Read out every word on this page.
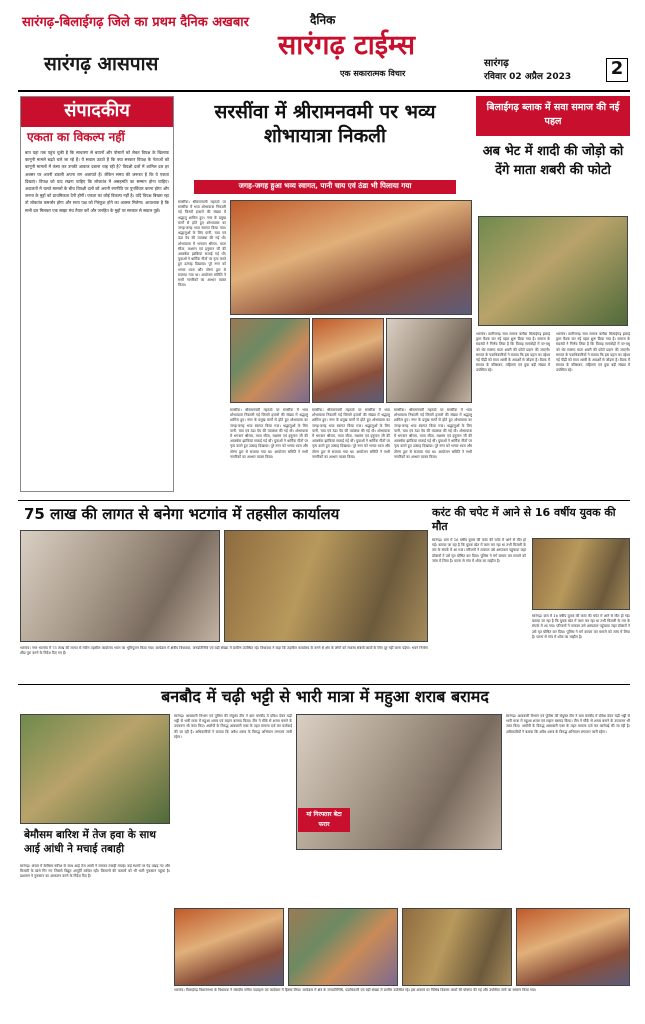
सारंगढ़-बिलाईगढ़ जिले का प्रथम दैनिक अखबार
सारंगढ़ आसपास
दैनिक
सारंगढ़ टाईम्स
एक सकारात्मक विचार
सारंगढ़
रविवार 02 अप्रैल 2023 2
संपादकीय
एकता का विकल्प नहीं
बात यहां तक पहुंच चुकी है कि साधारण से बयानों और पोस्टरों को लेकर विपक्ष के खिलाफ कानूनी मामले बढ़ते चले जा रहे हैं। ये सवाल उठाते हैं कि क्या सरकार विपक्ष के नेताओं को कानूनी मामलों में फंसा कर उनकी आवाज दबाना चाह रही है? विपक्षी दलों में शामिल दल हर अवसर पर अपनी डफली अपना राग अलापते हैं। लेकिन समय की जरूरत है कि वे एकता दिखाएं। विपक्ष को याद रखना चाहिए कि लोकतंत्र में असहमति का सम्मान होना चाहिए। अदालतों में चलते मामलों के बीच विपक्षी दलों को अपनी रणनीति पर पुनर्विचार करना होगा और जनता के मुद्दों को प्राथमिकता देनी होगी। एकता का कोई विकल्प नहीं है। यदि विपक्ष बिखरा रहा तो लोकतंत्र कमजोर होगा और सत्ता पक्ष को निरंकुश होने का अवसर मिलेगा। आवश्यक है कि सभी दल मिलकर एक साझा मंच तैयार करें और जनहित के मुद्दों पर सरकार से सवाल पूछें।
सरसींवा में श्रीरामनवमी पर भव्य शोभायात्रा निकली
जगह-जगह हुआ भव्य स्वागत, पानी चाय एवं ठंडा भी पिलाया गया
सरसींवा। श्रीरामनवमी महापर्व पर सरसींवा में भव्य शोभायात्रा निकाली गई जिसमें हजारों की संख्या में श्रद्धालु शामिल हुए। नगर के प्रमुख मार्गों से होते हुए शोभायात्रा का जगह-जगह भव्य स्वागत किया गया। श्रद्धालुओं के लिए पानी, चाय एवं ठंडा पेय की व्यवस्था की गई थी। शोभायात्रा में भगवान श्रीराम, माता सीता, लक्ष्मण एवं हनुमान जी की आकर्षक झांकियां सजाई गई थीं। युवाओं ने धार्मिक गीतों पर नृत्य करते हुए उत्साह दिखाया। पूरे नगर को भगवा ध्वज और तोरण द्वार से सजाया गया था। आयोजन समिति ने सभी नागरिकों का आभार व्यक्त किया।
सरसींवा। श्रीरामनवमी महापर्व पर सरसींवा में भव्य शोभायात्रा निकाली गई जिसमें हजारों की संख्या में श्रद्धालु शामिल हुए। नगर के प्रमुख मार्गों से होते हुए शोभायात्रा का जगह-जगह भव्य स्वागत किया गया। श्रद्धालुओं के लिए पानी, चाय एवं ठंडा पेय की व्यवस्था की गई थी। शोभायात्रा में भगवान श्रीराम, माता सीता, लक्ष्मण एवं हनुमान जी की आकर्षक झांकियां सजाई गई थीं। युवाओं ने धार्मिक गीतों पर नृत्य करते हुए उत्साह दिखाया। पूरे नगर को भगवा ध्वज और तोरण द्वार से सजाया गया था। आयोजन समिति ने सभी नागरिकों का आभार व्यक्त किया।
सरसींवा। श्रीरामनवमी महापर्व पर सरसींवा में भव्य शोभायात्रा निकाली गई जिसमें हजारों की संख्या में श्रद्धालु शामिल हुए। नगर के प्रमुख मार्गों से होते हुए शोभायात्रा का जगह-जगह भव्य स्वागत किया गया। श्रद्धालुओं के लिए पानी, चाय एवं ठंडा पेय की व्यवस्था की गई थी। शोभायात्रा में भगवान श्रीराम, माता सीता, लक्ष्मण एवं हनुमान जी की आकर्षक झांकियां सजाई गई थीं। युवाओं ने धार्मिक गीतों पर नृत्य करते हुए उत्साह दिखाया। पूरे नगर को भगवा ध्वज और तोरण द्वार से सजाया गया था। आयोजन समिति ने सभी नागरिकों का आभार व्यक्त किया।
सरसींवा। श्रीरामनवमी महापर्व पर सरसींवा में भव्य शोभायात्रा निकाली गई जिसमें हजारों की संख्या में श्रद्धालु शामिल हुए। नगर के प्रमुख मार्गों से होते हुए शोभायात्रा का जगह-जगह भव्य स्वागत किया गया। श्रद्धालुओं के लिए पानी, चाय एवं ठंडा पेय की व्यवस्था की गई थी। शोभायात्रा में भगवान श्रीराम, माता सीता, लक्ष्मण एवं हनुमान जी की आकर्षक झांकियां सजाई गई थीं। युवाओं ने धार्मिक गीतों पर नृत्य करते हुए उत्साह दिखाया। पूरे नगर को भगवा ध्वज और तोरण द्वार से सजाया गया था। आयोजन समिति ने सभी नागरिकों का आभार व्यक्त किया।
बिलाईगढ़ ब्लाक में सवा समाज की नई पहल
अब भेट में शादी की जोड़ो को देंगे माता शबरी की फोटो
भटगांव। छत्तीसगढ़ सवा समाज बलौदा बिलाईगढ़ इकाई द्वारा बैठक कर नई पहल शुरू किया गया है। समाज के सदस्यों ने निर्णय लिया है कि विवाह समारोहों में वर-वधू को भेंट स्वरूप माता शबरी की फोटो प्रदान की जाएगी। समाज के पदाधिकारियों ने बताया कि इस पहल का उद्देश्य नई पीढ़ी को माता शबरी के आदर्शों से जोड़ना है। बैठक में समाज के वरिष्ठजन, महिलाएं एवं युवा बड़ी संख्या में उपस्थित रहे।
भटगांव। छत्तीसगढ़ सवा समाज बलौदा बिलाईगढ़ इकाई द्वारा बैठक कर नई पहल शुरू किया गया है। समाज के सदस्यों ने निर्णय लिया है कि विवाह समारोहों में वर-वधू को भेंट स्वरूप माता शबरी की फोटो प्रदान की जाएगी। समाज के पदाधिकारियों ने बताया कि इस पहल का उद्देश्य नई पीढ़ी को माता शबरी के आदर्शों से जोड़ना है। बैठक में समाज के वरिष्ठजन, महिलाएं एवं युवा बड़ी संख्या में उपस्थित रहे।
75 लाख की लागत से बनेगा भटगांव में तहसील कार्यालय
भटगांव। नगर भटगांव में 75 लाख की लागत से नवीन तहसील कार्यालय भवन का भूमिपूजन किया गया। कार्यक्रम में क्षेत्रीय विधायक, जनप्रतिनिधि एवं बड़ी संख्या में ग्रामीण उपस्थित रहे। विधायक ने कहा कि तहसील कार्यालय के बनने से क्षेत्र के लोगों को राजस्व संबंधी कार्यों के लिए दूर नहीं जाना पड़ेगा। भवन निर्माण शीघ्र पूरा करने के निर्देश दिए गए हैं।
करंट की चपेट में आने से 16 वर्षीय युवक की मौत
सारंगढ़। ग्राम में 16 वर्षीय युवक की करंट की चपेट में आने से मौत हो गई। बताया जा रहा है कि युवक खेत में काम कर रहा था तभी बिजली के तार के संपर्क में आ गया। परिजनों ने तत्काल उसे अस्पताल पहुंचाया जहां डॉक्टरों ने उसे मृत घोषित कर दिया। पुलिस ने मर्ग कायम कर मामले को जांच में लिया है। घटना से गांव में शोक का माहौल है।
सारंगढ़। ग्राम में 16 वर्षीय युवक की करंट की चपेट में आने से मौत हो गई। बताया जा रहा है कि युवक खेत में काम कर रहा था तभी बिजली के तार के संपर्क में आ गया। परिजनों ने तत्काल उसे अस्पताल पहुंचाया जहां डॉक्टरों ने उसे मृत घोषित कर दिया। पुलिस ने मर्ग कायम कर मामले को जांच में लिया है। घटना से गांव में शोक का माहौल है।
बनबौद में चढ़ी भट्टी से भारी मात्रा में महुआ शराब बरामद
सारंगढ़। आबकारी विभाग एवं पुलिस की संयुक्त टीम ने ग्राम बनबौद में दबिश देकर चढ़ी भट्टी से भारी मात्रा में महुआ शराब एवं लहान बरामद किया। टीम ने मौके से शराब बनाने के उपकरण भी जब्त किए। आरोपी के विरुद्ध आबकारी एक्ट के तहत मामला दर्ज कर कार्रवाई की जा रही है। अधिकारियों ने बताया कि अवैध शराब के विरुद्ध अभियान लगातार जारी रहेगा।
मां गिरफ्तार बेटा फरार
सारंगढ़। आबकारी विभाग एवं पुलिस की संयुक्त टीम ने ग्राम बनबौद में दबिश देकर चढ़ी भट्टी से भारी मात्रा में महुआ शराब एवं लहान बरामद किया। टीम ने मौके से शराब बनाने के उपकरण भी जब्त किए। आरोपी के विरुद्ध आबकारी एक्ट के तहत मामला दर्ज कर कार्रवाई की जा रही है। अधिकारियों ने बताया कि अवैध शराब के विरुद्ध अभियान लगातार जारी रहेगा।
बेमौसम बारिश में तेज हवा के साथ आई आंधी ने मचाई तबाही
सारंगढ़। अंचल में बेमौसम बारिश के साथ आई तेज आंधी ने जमकर तबाही मचाई। कई स्थानों पर पेड़ उखड़ गए और बिजली के खंभे गिर गए जिससे विद्युत आपूर्ति बाधित रही। किसानों की फसलों को भी भारी नुकसान पहुंचा है। प्रशासन ने नुकसान का आकलन करने के निर्देश दिए हैं।
भटगांव। विलाईगढ़ विधानसभा के विधायक ने संसदीय सचिव पदग्रहण एवं कार्यक्रम में हिस्सा लिया। कार्यक्रम में क्षेत्र के जनप्रतिनिधि, पदाधिकारी एवं बड़ी संख्या में ग्रामीण उपस्थित रहे। इस अवसर पर विभिन्न विकास कार्यों की घोषणा की गई और उपस्थित जनों का सम्मान किया गया।
